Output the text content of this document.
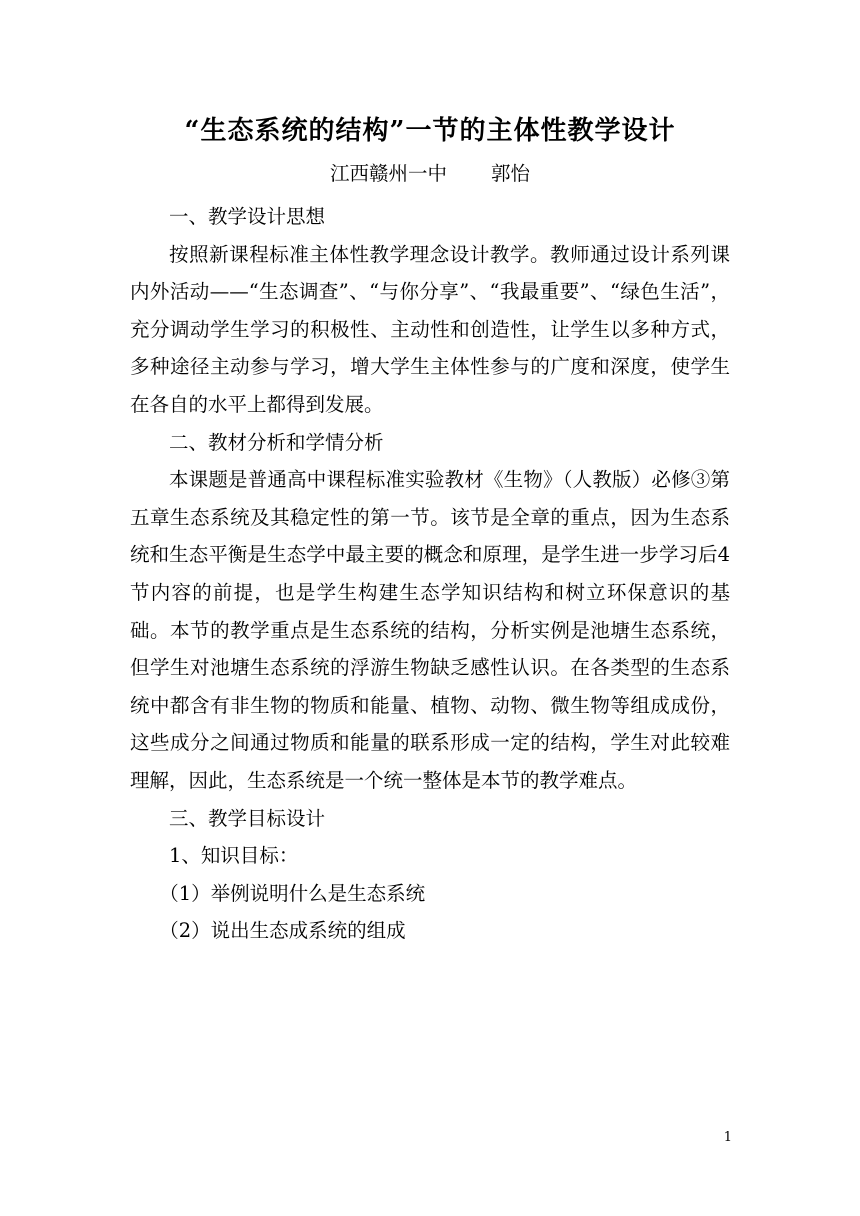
“生态系统的结构”一节的主体性教学设计
江西赣州一中 郭怡

一、教学设计思想

按照新课程标准主体性教学理念设计教学。教师通过设计系列课内外活动——“生态调查”、“与你分享”、“我最重要”、“绿色生活”，充分调动学生学习的积极性、主动性和创造性，让学生以多种方式，多种途径主动参与学习，增大学生主体性参与的广度和深度，使学生在各自的水平上都得到发展。

二、教材分析和学情分析

本课题是普通高中课程标准实验教材《生物》（人教版）必修③第五章生态系统及其稳定性的第一节。该节是全章的重点，因为生态系统和生态平衡是生态学中最主要的概念和原理，是学生进一步学习后4节内容的前提，也是学生构建生态学知识结构和树立环保意识的基础。本节的教学重点是生态系统的结构，分析实例是池塘生态系统，但学生对池塘生态系统的浮游生物缺乏感性认识。在各类型的生态系统中都含有非生物的物质和能量、植物、动物、微生物等组成成份，这些成分之间通过物质和能量的联系形成一定的结构，学生对此较难理解，因此，生态系统是一个统一整体是本节的教学难点。

三、教学目标设计

1、知识目标：

（1）举例说明什么是生态系统

（2）说出生态成系统的组成

1
